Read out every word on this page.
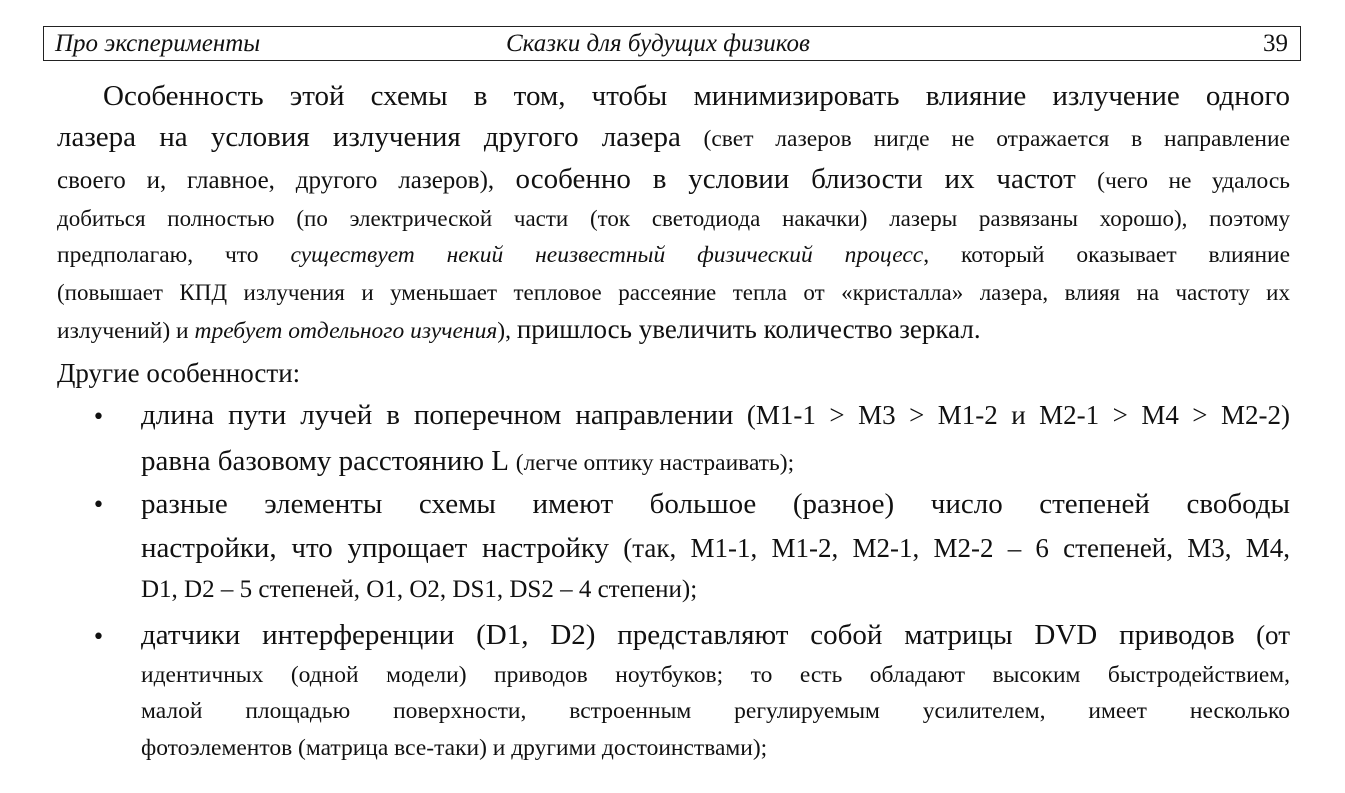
Про эксперименты	Сказки для будущих физиков	39
Особенность этой схемы в том, чтобы минимизировать влияние излучение одного
лазера на условия излучения другого лазера (свет лазеров нигде не отражается в направление
своего и, главное, другого лазеров), особенно в условии близости их частот (чего не удалось
добиться полностью (по электрической части (ток светодиода накачки) лазеры развязаны хорошо), поэтому
предполагаю, что существует некий неизвестный физический процесс, который оказывает влияние
(повышает КПД излучения и уменьшает тепловое рассеяние тепла от «кристалла» лазера, влияя на частоту их
излучений) и требует отдельного изучения), пришлось увеличить количество зеркал.
Другие особенности:
• длина пути лучей в поперечном направлении (M1-1 > M3 > M1-2 и M2-1 > M4 > M2-2)
равна базовому расстоянию L (легче оптику настраивать);
• разные элементы схемы имеют большое (разное) число степеней свободы
настройки, что упрощает настройку (так, M1-1, M1-2, M2-1, M2-2 – 6 степеней, M3, M4,
D1, D2 – 5 степеней, O1, O2, DS1, DS2 – 4 степени);
• датчики интерференции (D1, D2) представляют собой матрицы DVD приводов (от
идентичных (одной модели) приводов ноутбуков; то есть обладают высоким быстродействием,
малой площадью поверхности, встроенным регулируемым усилителем, имеет несколько
фотоэлементов (матрица все-таки) и другими достоинствами);
